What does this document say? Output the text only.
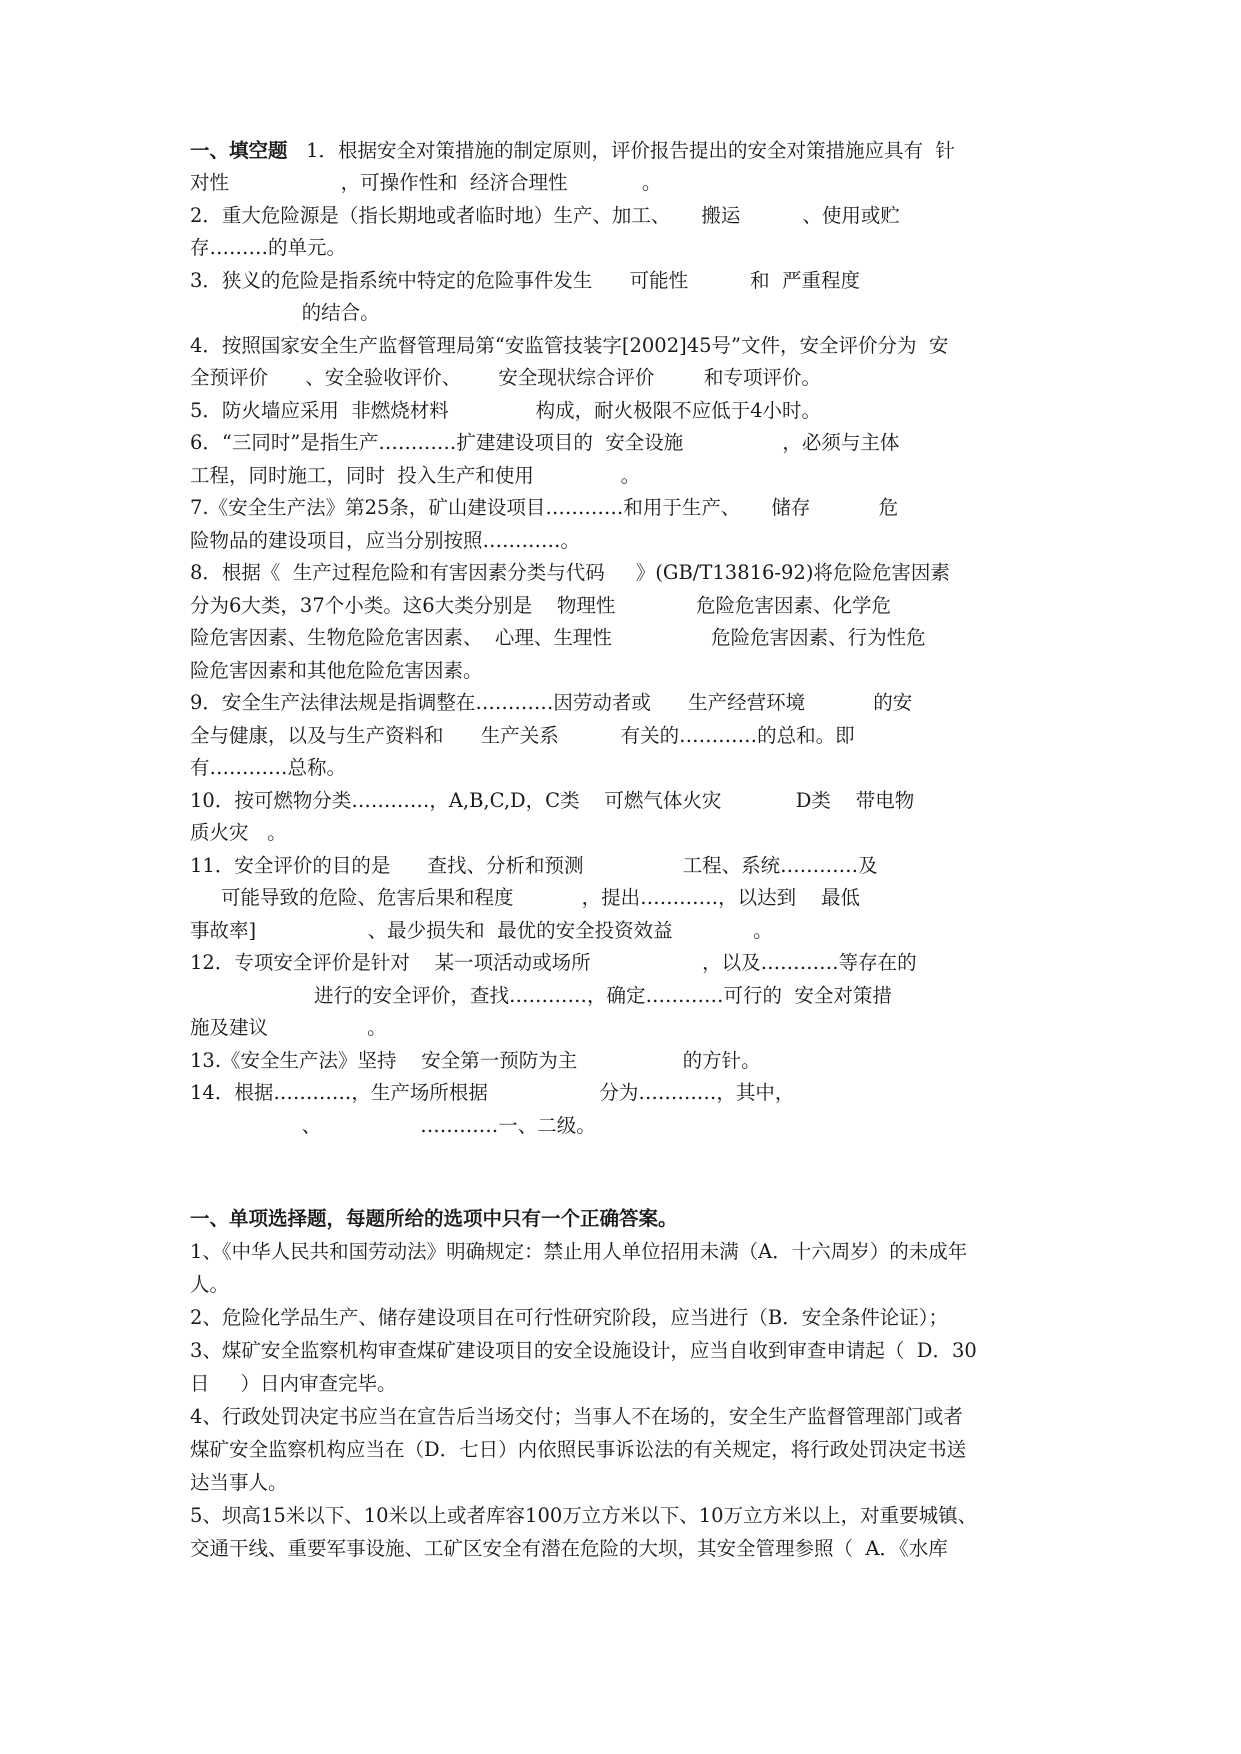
一、填空题   1．根据安全对策措施的制定原则，评价报告提出的安全对策措施应具有  针
对性                  ，可操作性和  经济合理性            。
2．重大危险源是（指长期地或者临时地）生产、加工、     搬运          、使用或贮
存………的单元。
3．狭义的危险是指系统中特定的危险事件发生      可能性          和  严重程度
的结合。
4．按照国家安全生产监督管理局第“安监管技装字[2002]45号”文件，安全评价分为  安
全预评价      、安全验收评价、      安全现状综合评价        和专项评价。
5．防火墙应采用  非燃烧材料              构成，耐火极限不应低于4小时。
6．“三同时”是指生产…………扩建建设项目的  安全设施                ，必须与主体
工程，同时施工，同时  投入生产和使用              。
7.《安全生产法》第25条，矿山建设项目…………和用于生产、     储存           危
险物品的建设项目，应当分别按照…………。
8．根据《  生产过程危险和有害因素分类与代码     》(GB/T13816-92)将危险危害因素
分为6大类，37个小类。这6大类分别是    物理性             危险危害因素、化学危
险危害因素、生物危险危害因素、  心理、生理性                危险危害因素、行为性危
险危害因素和其他危险危害因素。
9．安全生产法律法规是指调整在…………因劳动者或      生产经营环境           的安
全与健康，以及与生产资料和      生产关系          有关的…………的总和。即
有…………总称。
10．按可燃物分类…………，A,B,C,D，C类    可燃气体火灾            D类    带电物
质火灾   。
11．安全评价的目的是      查找、分析和预测                工程、系统…………及
可能导致的危险、危害后果和程度           ，提出…………，以达到    最低
事故率]                  、最少损失和  最优的安全投资效益             。
12．专项安全评价是针对    某一项活动或场所                  ，以及…………等存在的
进行的安全评价，查找…………，确定…………可行的  安全对策措
施及建议                。
13.《安全生产法》坚持    安全第一预防为主                 的方针。
14．根据…………，生产场所根据                  分为…………，其中，
、                …………一、二级。
一、单项选择题，每题所给的选项中只有一个正确答案。
1、《中华人民共和国劳动法》明确规定：禁止用人单位招用未满（A．十六周岁）的未成年
人。
2、危险化学品生产、储存建设项目在可行性研究阶段，应当进行（B．安全条件论证）；
3、煤矿安全监察机构审查煤矿建设项目的安全设施设计，应当自收到审查申请起（  D．30
日     ）日内审查完毕。
4、行政处罚决定书应当在宣告后当场交付；当事人不在场的，安全生产监督管理部门或者
煤矿安全监察机构应当在（D．七日）内依照民事诉讼法的有关规定，将行政处罚决定书送
达当事人。
5、坝高15米以下、10米以上或者库容100万立方米以下、10万立方米以上，对重要城镇、
交通干线、重要军事设施、工矿区安全有潜在危险的大坝，其安全管理参照（  A．《水库
